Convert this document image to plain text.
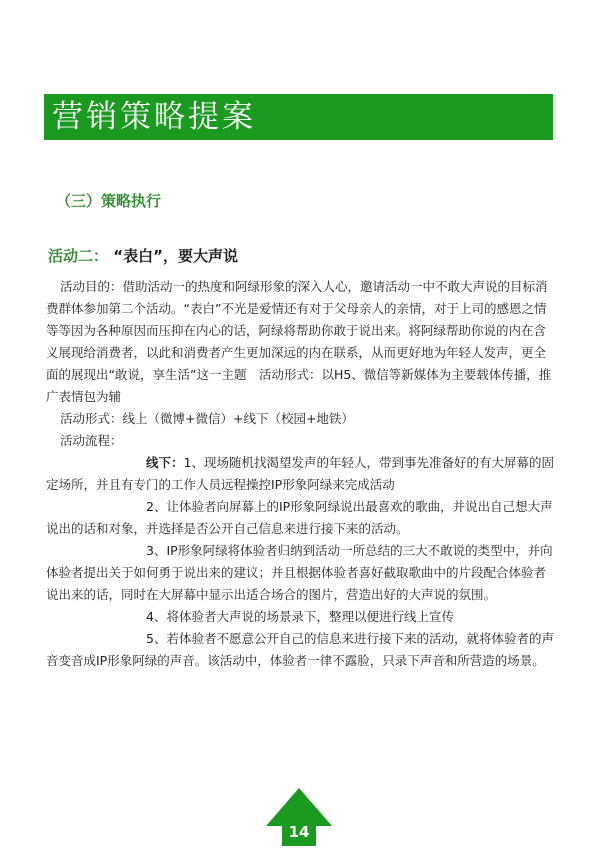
营销策略提案
（三）策略执行
活动二： “表白”，要大声说

活动目的：借助活动一的热度和阿绿形象的深入人心，邀请活动一中不敢大声说的目标消费群体参加第二个活动。“表白”不光是爱情还有对于父母亲人的亲情，对于上司的感恩之情等等因为各种原因而压抑在内心的话，阿绿将帮助你敢于说出来。将阿绿帮助你说的内在含义展现给消费者，以此和消费者产生更加深远的内在联系，从而更好地为年轻人发声，更全面的展现出“敢说，享生活”这一主题　活动形式：以H5、微信等新媒体为主要载体传播，推广表情包为辅

活动形式：线上（微博+微信）+线下（校园+地铁）

活动流程：

线下：1、现场随机找渴望发声的年轻人，带到事先准备好的有大屏幕的固定场所，并且有专门的工作人员远程操控IP形象阿绿来完成活动

2、让体验者向屏幕上的IP形象阿绿说出最喜欢的歌曲，并说出自己想大声说出的话和对象，并选择是否公开自己信息来进行接下来的活动。

3、IP形象阿绿将体验者归纳到活动一所总结的三大不敢说的类型中，并向体验者提出关于如何勇于说出来的建议；并且根据体验者喜好截取歌曲中的片段配合体验者说出来的话，同时在大屏幕中显示出适合场合的图片，营造出好的大声说的氛围。

4、将体验者大声说的场景录下，整理以便进行线上宣传

5、若体验者不愿意公开自己的信息来进行接下来的活动，就将体验者的声音变音成IP形象阿绿的声音。该活动中，体验者一律不露脸，只录下声音和所营造的场景。

14
